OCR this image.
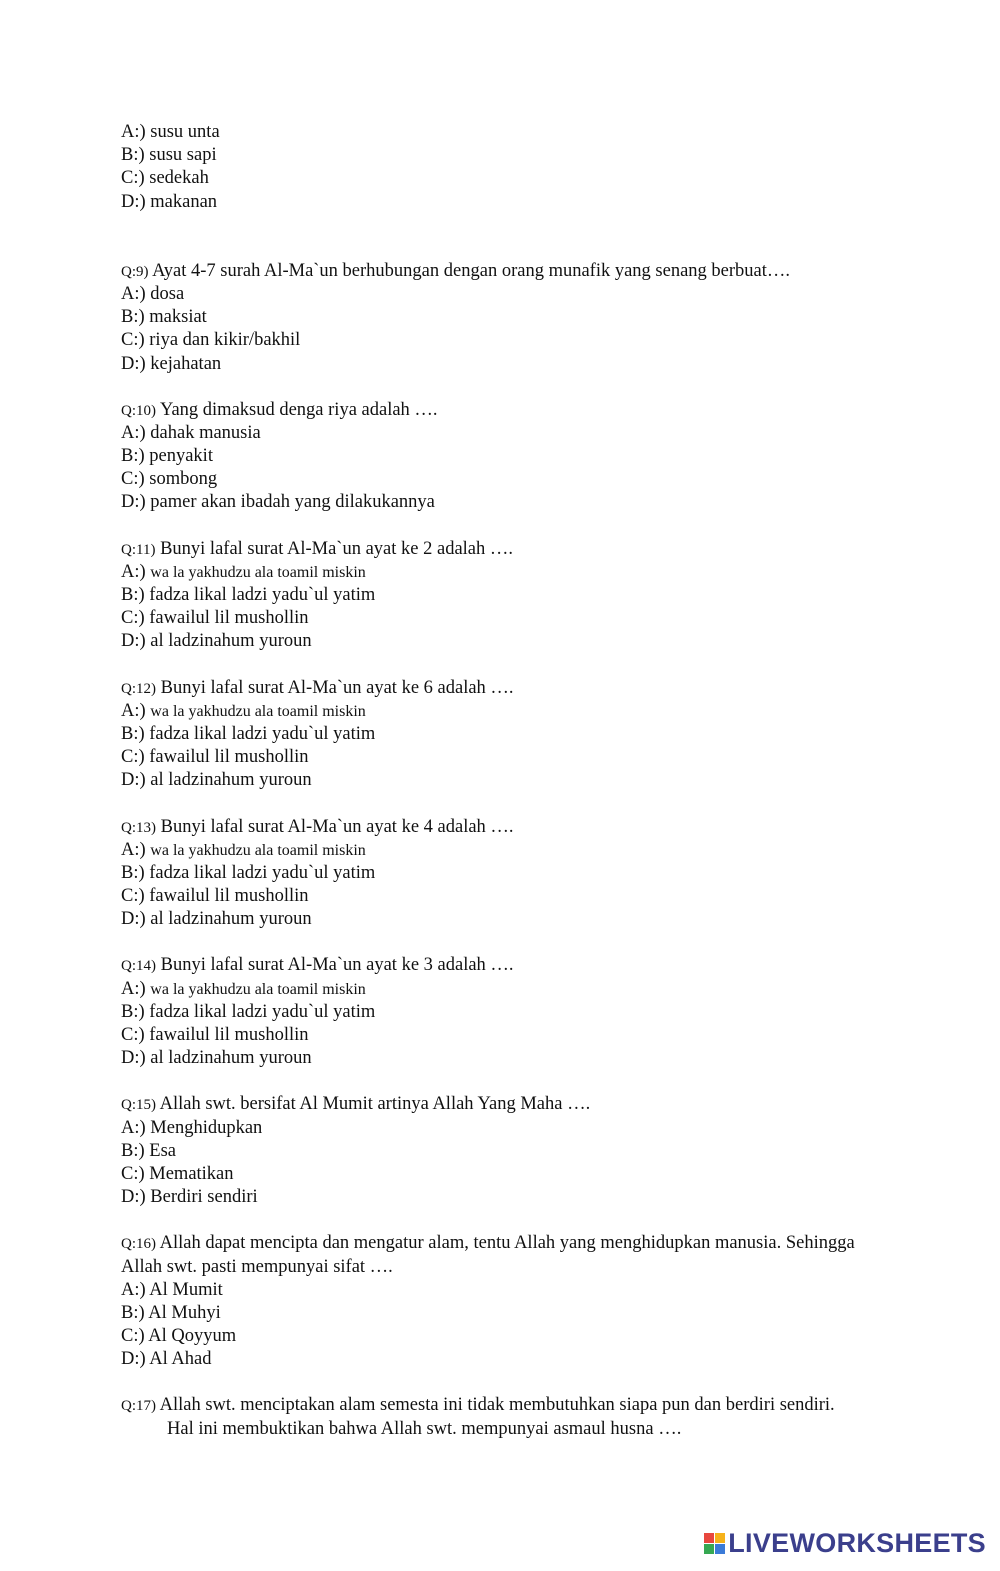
A:) susu unta
B:) susu sapi
C:) sedekah
D:) makanan
Q:9) Ayat 4-7 surah Al-Ma`un berhubungan dengan orang munafik yang senang berbuat….
A:) dosa
B:) maksiat
C:) riya dan kikir/bakhil
D:) kejahatan
Q:10) Yang dimaksud denga riya adalah ….
A:) dahak manusia
B:) penyakit
C:) sombong
D:) pamer akan ibadah yang dilakukannya
Q:11) Bunyi lafal surat Al-Ma`un ayat ke 2 adalah ….
A:) wa la yakhudzu ala toamil miskin
B:) fadza likal ladzi yadu`ul yatim
C:) fawailul lil mushollin
D:) al ladzinahum yuroun
Q:12) Bunyi lafal surat Al-Ma`un ayat ke 6 adalah ….
A:) wa la yakhudzu ala toamil miskin
B:) fadza likal ladzi yadu`ul yatim
C:) fawailul lil mushollin
D:) al ladzinahum yuroun
Q:13) Bunyi lafal surat Al-Ma`un ayat ke 4 adalah ….
A:) wa la yakhudzu ala toamil miskin
B:) fadza likal ladzi yadu`ul yatim
C:) fawailul lil mushollin
D:) al ladzinahum yuroun
Q:14) Bunyi lafal surat Al-Ma`un ayat ke 3 adalah ….
A:) wa la yakhudzu ala toamil miskin
B:) fadza likal ladzi yadu`ul yatim
C:) fawailul lil mushollin
D:) al ladzinahum yuroun
Q:15) Allah swt. bersifat Al Mumit artinya Allah Yang Maha ….
A:) Menghidupkan
B:) Esa
C:) Mematikan
D:) Berdiri sendiri
Q:16) Allah dapat mencipta dan mengatur alam, tentu Allah yang menghidupkan manusia. Sehingga
Allah swt. pasti mempunyai sifat ….
A:) Al Mumit
B:) Al Muhyi
C:) Al Qoyyum
D:) Al Ahad
Q:17) Allah swt. menciptakan alam semesta ini tidak membutuhkan siapa pun dan berdiri sendiri.
Hal ini membuktikan bahwa Allah swt. mempunyai asmaul husna ….
LIVEWORKSHEETS
